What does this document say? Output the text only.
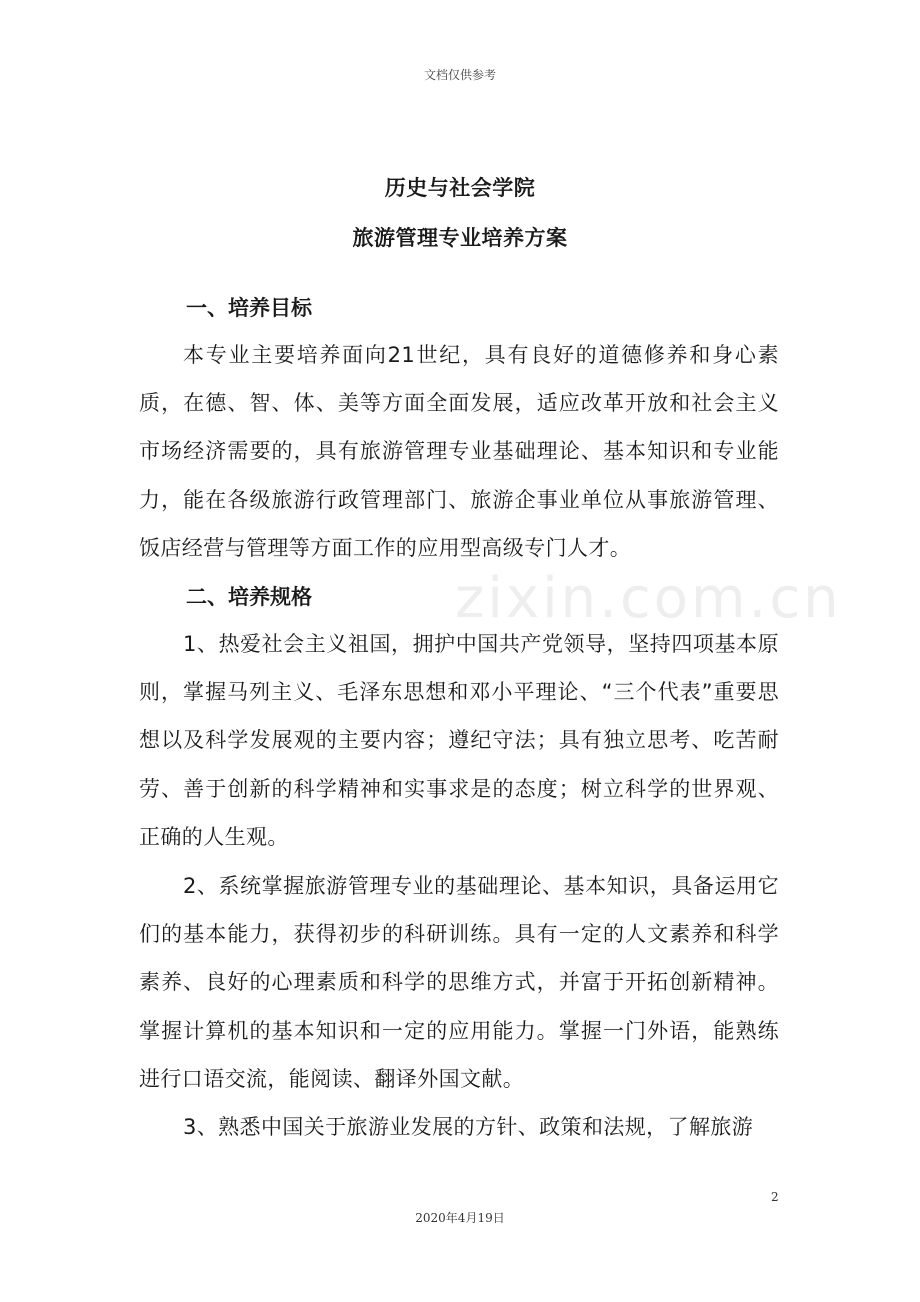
文档仅供参考
zixin.com.cn
历史与社会学院
旅游管理专业培养方案
一、培养目标
本专业主要培养面向21世纪，具有良好的道德修养和身心素质，在德、智、体、美等方面全面发展，适应改革开放和社会主义市场经济需要的，具有旅游管理专业基础理论、基本知识和专业能力，能在各级旅游行政管理部门、旅游企事业单位从事旅游管理、饭店经营与管理等方面工作的应用型高级专门人才。
二、培养规格
1、热爱社会主义祖国，拥护中国共产党领导，坚持四项基本原则，掌握马列主义、毛泽东思想和邓小平理论、“三个代表”重要思想以及科学发展观的主要内容；遵纪守法；具有独立思考、吃苦耐劳、善于创新的科学精神和实事求是的态度；树立科学的世界观、正确的人生观。
2、系统掌握旅游管理专业的基础理论、基本知识，具备运用它们的基本能力，获得初步的科研训练。具有一定的人文素养和科学素养、良好的心理素质和科学的思维方式，并富于开拓创新精神。掌握计算机的基本知识和一定的应用能力。掌握一门外语，能熟练进行口语交流，能阅读、翻译外国文献。
3、熟悉中国关于旅游业发展的方针、政策和法规，了解旅游
2
2020年4月19日
